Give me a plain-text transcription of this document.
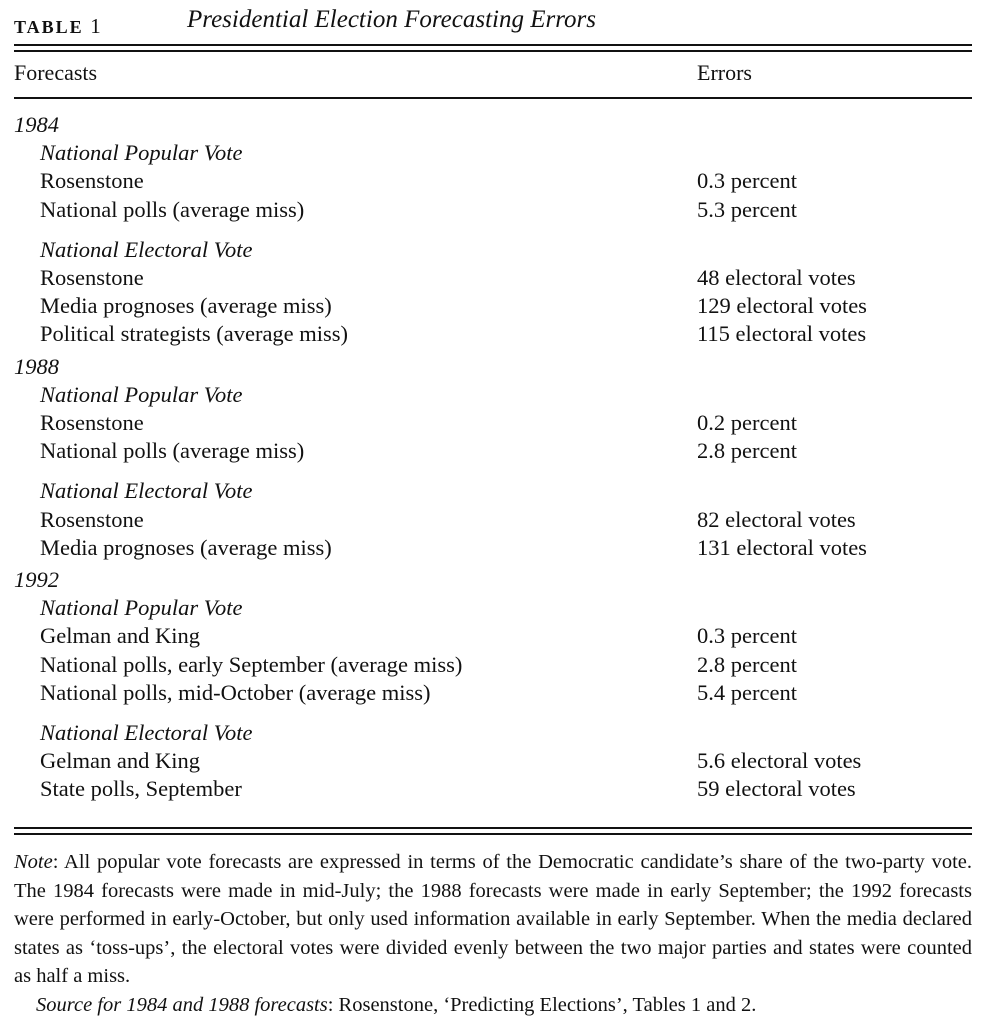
TABLE 1	Presidential Election Forecasting Errors
Forecasts	Errors
1984
National Popular Vote
Rosenstone	0.3 percent
National polls (average miss)	5.3 percent
National Electoral Vote
Rosenstone	48 electoral votes
Media prognoses (average miss)	129 electoral votes
Political strategists (average miss)	115 electoral votes
1988
National Popular Vote
Rosenstone	0.2 percent
National polls (average miss)	2.8 percent
National Electoral Vote
Rosenstone	82 electoral votes
Media prognoses (average miss)	131 electoral votes
1992
National Popular Vote
Gelman and King	0.3 percent
National polls, early September (average miss)	2.8 percent
National polls, mid-October (average miss)	5.4 percent
National Electoral Vote
Gelman and King	5.6 electoral votes
State polls, September	59 electoral votes

Note: All popular vote forecasts are expressed in terms of the Democratic candidate’s share of the two-party vote. The 1984 forecasts were made in mid-July; the 1988 forecasts were made in early September; the 1992 forecasts were performed in early-October, but only used information available in early September. When the media declared states as ‘toss-ups’, the electoral votes were divided evenly between the two major parties and states were counted as half a miss.

Source for 1984 and 1988 forecasts: Rosenstone, ‘Predicting Elections’, Tables 1 and 2.
